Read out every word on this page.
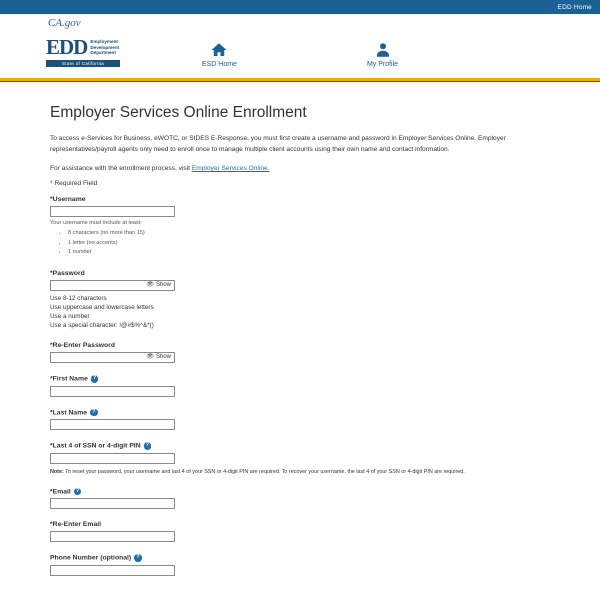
EDD Home
CA.gov
EDD Employment
Development
Department
State of California	ESD Home	My Profile
Employer Services Online Enrollment

To access e-Services for Business, eWOTC, or SIDES E-Response, you must first create a username and password in Employer Services Online. Employer representatives/payroll agents only need to enroll once to manage multiple client accounts using their own name and contact information.

For assistance with the enrollment process, visit Employer Services Online.

* Required Field
*Username
Your username must include at least:
• 8 characters (no more than 15)
• 1 letter (no accents)
• 1 number
*Password
👁 Show
Use 8-12 characters
Use uppercase and lowercase letters
Use a number
Use a special character: !@#$%^&*()
*Re-Enter Password
👁 Show
*First Name ?
*Last Name ?
*Last 4 of SSN or 4-digit PIN ?
Note: To reset your password, your username and last 4 of your SSN or 4-digit PIN are required. To recover your username, the last 4 of your SSN or 4-digit PIN are required.
*Email ?
*Re-Enter Email
Phone Number (optional) ?
